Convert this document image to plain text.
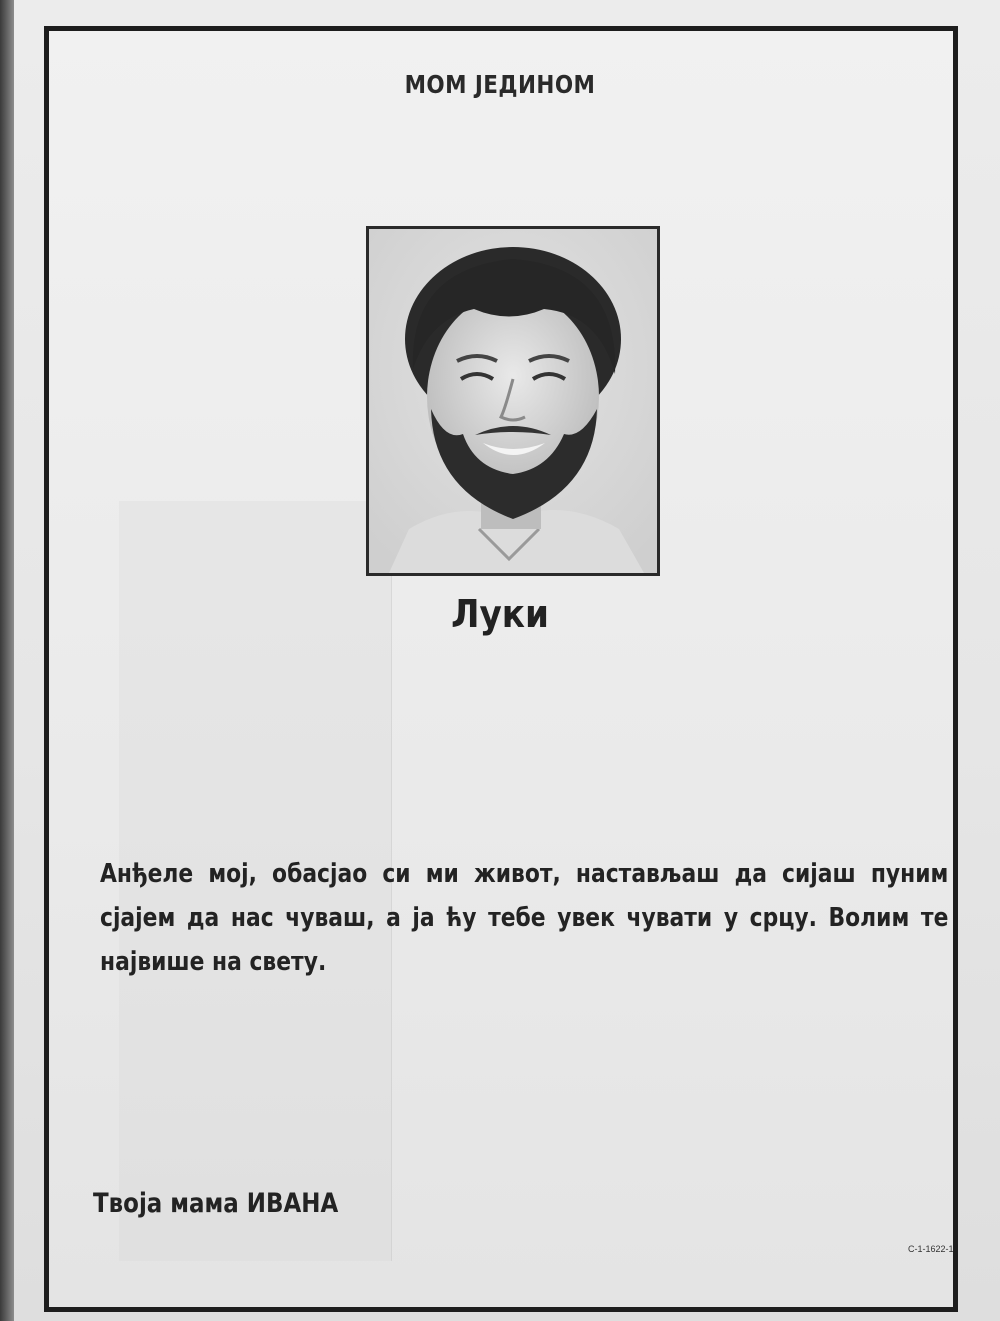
МОМ ЈЕДИНОМ
Луки
Анђеле мој, обасјао си ми живот, настављаш да сијаш пуним сјајем да нас чуваш, а ја ћу тебе увек чувати у срцу. Волим те највише на свету.
Твоја мама ИВАНА
С-1-1622-1
